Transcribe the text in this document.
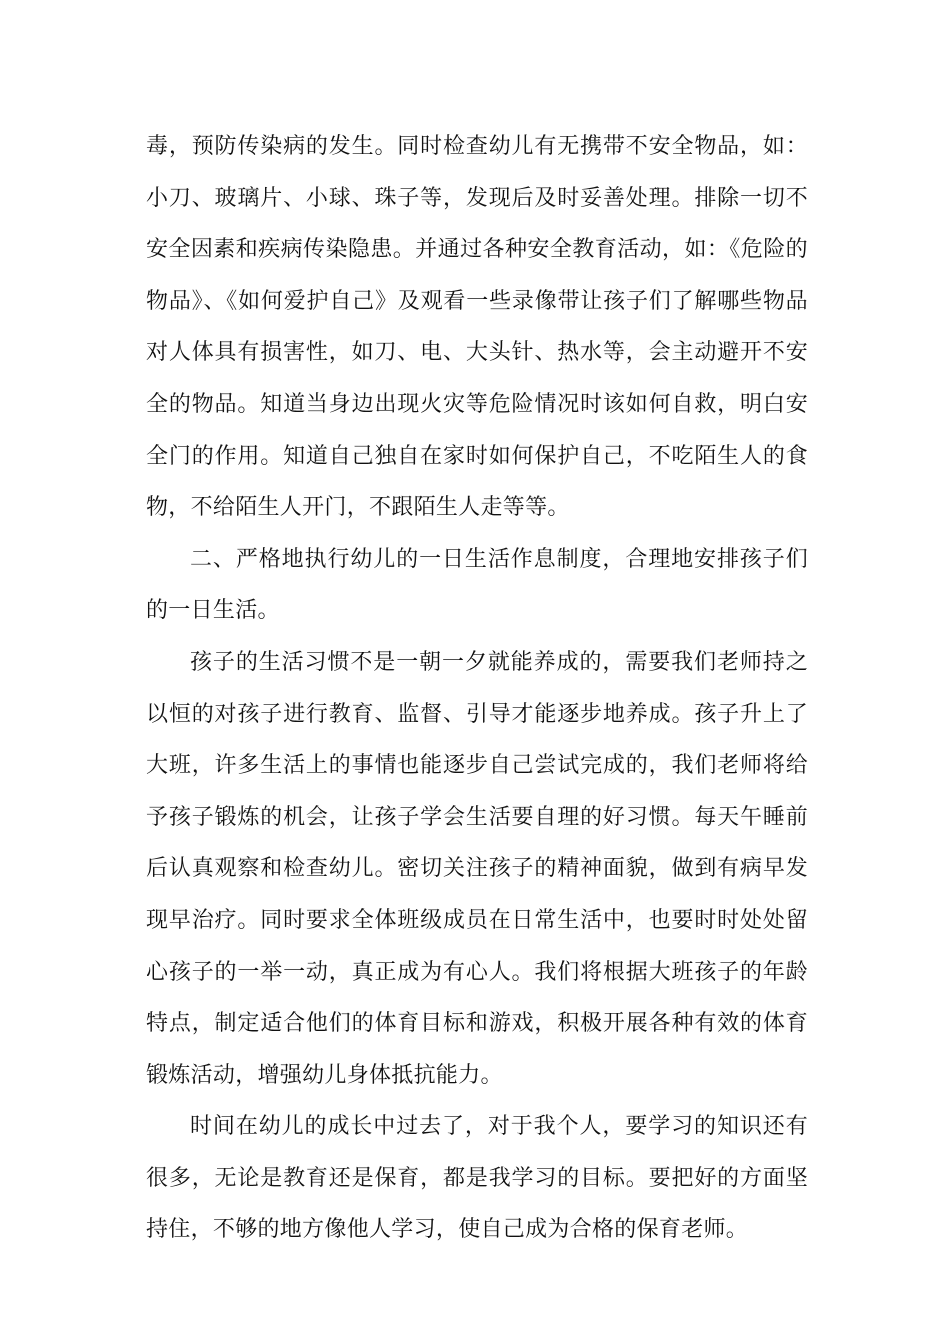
毒，预防传染病的发生。同时检查幼儿有无携带不安全物品，如：小刀、玻璃片、小球、珠子等，发现后及时妥善处理。排除一切不安全因素和疾病传染隐患。并通过各种安全教育活动，如：《危险的物品》、《如何爱护自己》及观看一些录像带让孩子们了解哪些物品对人体具有损害性，如刀、电、大头针、热水等，会主动避开不安全的物品。知道当身边出现火灾等危险情况时该如何自救，明白安全门的作用。知道自己独自在家时如何保护自己，不吃陌生人的食物，不给陌生人开门，不跟陌生人走等等。

二、严格地执行幼儿的一日生活作息制度，合理地安排孩子们的一日生活。

孩子的生活习惯不是一朝一夕就能养成的，需要我们老师持之以恒的对孩子进行教育、监督、引导才能逐步地养成。孩子升上了大班，许多生活上的事情也能逐步自己尝试完成的，我们老师将给予孩子锻炼的机会，让孩子学会生活要自理的好习惯。每天午睡前后认真观察和检查幼儿。密切关注孩子的精神面貌，做到有病早发现早治疗。同时要求全体班级成员在日常生活中，也要时时处处留心孩子的一举一动，真正成为有心人。我们将根据大班孩子的年龄特点，制定适合他们的体育目标和游戏，积极开展各种有效的体育锻炼活动，增强幼儿身体抵抗能力。

时间在幼儿的成长中过去了，对于我个人，要学习的知识还有很多，无论是教育还是保育，都是我学习的目标。要把好的方面坚持住，不够的地方像他人学习，使自己成为合格的保育老师。
